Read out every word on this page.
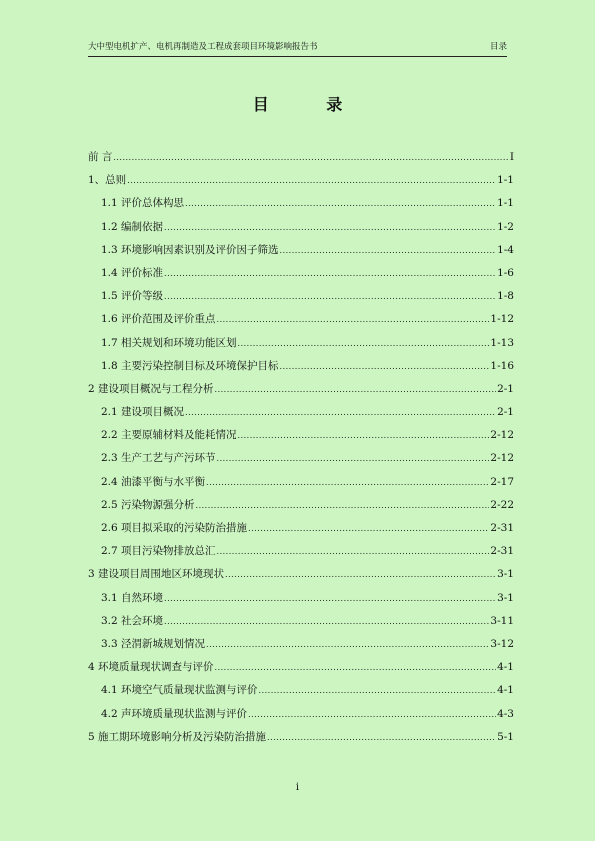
大中型电机扩产、电机再制造及工程成套项目环境影响报告书	目录
目 录
前 言 .....	I
1、总则 .....	1-1
1.1 评价总体构思 .....	1-1
1.2 编制依据 .....	1-2
1.3 环境影响因素识别及评价因子筛选 .....	1-4
1.4 评价标准 .....	1-6
1.5 评价等级 .....	1-8
1.6 评价范围及评价重点 .....	1-12
1.7 相关规划和环境功能区划 .....	1-13
1.8 主要污染控制目标及环境保护目标 .....	1-16
2 建设项目概况与工程分析 .....	2-1
2.1 建设项目概况 .....	2-1
2.2 主要原辅材料及能耗情况 .....	2-12
2.3 生产工艺与产污环节 .....	2-12
2.4 油漆平衡与水平衡 .....	2-17
2.5 污染物源强分析 .....	2-22
2.6 项目拟采取的污染防治措施 .....	2-31
2.7 项目污染物排放总汇 .....	2-31
3 建设项目周围地区环境现状 .....	3-1
3.1 自然环境 .....	3-1
3.2 社会环境 .....	3-11
3.3 泾渭新城规划情况 .....	3-12
4 环境质量现状调查与评价 .....	4-1
4.1 环境空气质量现状监测与评价 .....	4-1
4.2 声环境质量现状监测与评价 .....	4-3
5 施工期环境影响分析及污染防治措施 .....	5-1
i
